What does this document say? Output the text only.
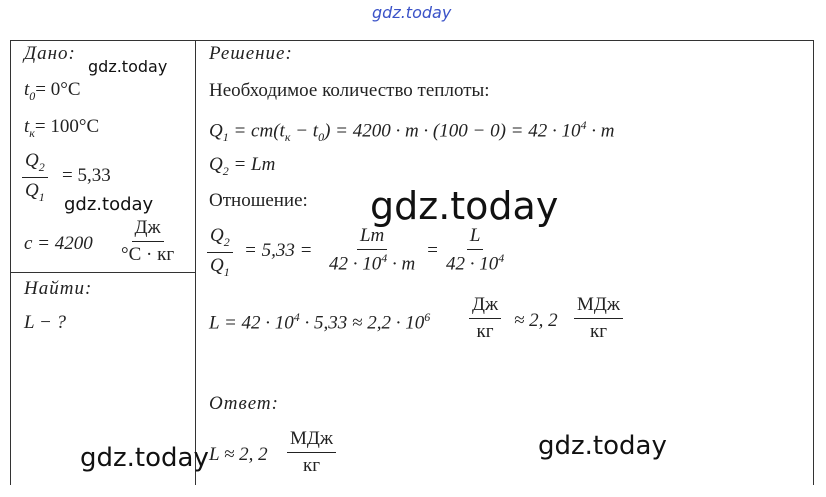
gdz.today
gdz.today
gdz.today	gdz.today
gdz.today	gdz.today
Дано:
$t_0= 0^\circ C$
$t_к= 100^\circ C$
$\frac{Q_2}{Q_1} = 5,33$
c = 4200
Дж
°C · кг
Найти:
L − ?
Решение:
Необходимое количество теплоты:
$Q_1 = cm(t_к - t_0) = 4200 \cdot m \cdot (100 - 0) = 42 \cdot 10^4 \cdot m$
$Q_2 = Lm$
Отношение:
$\frac{Q_2}{Q_1} = 5,33 = \frac{Lm}{42 \cdot 10^4 \cdot m} = \frac{L}{42 \cdot 10^4}$
$L = 42 \cdot 10^4 \cdot 5,33 \approx 2,2 \cdot 10^6$
Дж
кг
≈ 2, 2
МДж
кг
Ответ:
L ≈ 2, 2
МДж
кг
